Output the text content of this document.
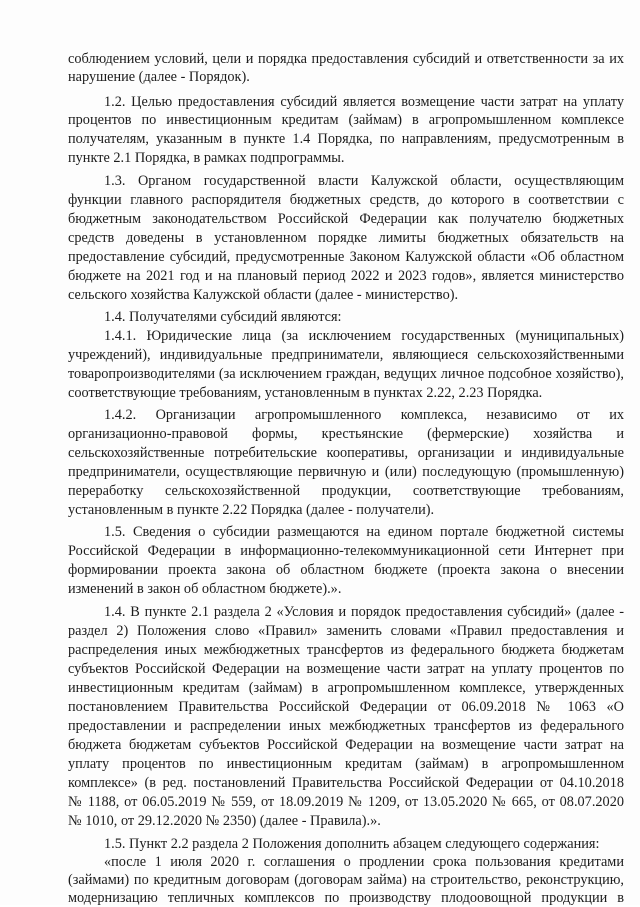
соблюдением условий, цели и порядка предоставления субсидий и ответственности за их
нарушение (далее - Порядок).
1.2. Целью предоставления субсидий является возмещение части затрат на уплату
процентов по инвестиционным кредитам (займам) в агропромышленном комплексе
получателям, указанным в пункте 1.4 Порядка, по направлениям, предусмотренным в
пункте 2.1 Порядка, в рамках подпрограммы.
1.3. Органом государственной власти Калужской области, осуществляющим
функции главного распорядителя бюджетных средств, до которого в соответствии с
бюджетным законодательством Российской Федерации как получателю бюджетных
средств доведены в установленном порядке лимиты бюджетных обязательств на
предоставление субсидий, предусмотренные Законом Калужской области «Об областном
бюджете на 2021 год и на плановый период 2022 и 2023 годов», является министерство
сельского хозяйства Калужской области (далее - министерство).
1.4. Получателями субсидий являются:
1.4.1. Юридические лица (за исключением государственных (муниципальных)
учреждений), индивидуальные предприниматели, являющиеся сельскохозяйственными
товаропроизводителями (за исключением граждан, ведущих личное подсобное хозяйство),
соответствующие требованиям, установленным в пунктах 2.22, 2.23 Порядка.
1.4.2. Организации агропромышленного комплекса, независимо от их
организационно-правовой формы, крестьянские (фермерские) хозяйства и
сельскохозяйственные потребительские кооперативы, организации и индивидуальные
предприниматели, осуществляющие первичную и (или) последующую (промышленную)
переработку сельскохозяйственной продукции, соответствующие требованиям,
установленным в пункте 2.22 Порядка (далее - получатели).
1.5. Сведения о субсидии размещаются на едином портале бюджетной системы
Российской Федерации в информационно-телекоммуникационной сети Интернет при
формировании проекта закона об областном бюджете (проекта закона о внесении
изменений в закон об областном бюджете).».
1.4. В пункте 2.1 раздела 2 «Условия и порядок предоставления субсидий» (далее -
раздел 2) Положения слово «Правил» заменить словами «Правил предоставления и
распределения иных межбюджетных трансфертов из федерального бюджета бюджетам
субъектов Российской Федерации на возмещение части затрат на уплату процентов по
инвестиционным кредитам (займам) в агропромышленном комплексе, утвержденных
постановлением Правительства Российской Федерации от 06.09.2018 № 1063 «О
предоставлении и распределении иных межбюджетных трансфертов из федерального
бюджета бюджетам субъектов Российской Федерации на возмещение части затрат на
уплату процентов по инвестиционным кредитам (займам) в агропромышленном
комплексе» (в ред. постановлений Правительства Российской Федерации от 04.10.2018
№ 1188, от 06.05.2019 № 559, от 18.09.2019 № 1209, от 13.05.2020 № 665, от 08.07.2020
№ 1010, от 29.12.2020 № 2350) (далее - Правила).».
1.5. Пункт 2.2 раздела 2 Положения дополнить абзацем следующего содержания:
«после 1 июля 2020 г. соглашения о продлении срока пользования кредитами
(займами) по кредитным договорам (договорам займа) на строительство, реконструкцию,
модернизацию тепличных комплексов по производству плодоовощной продукции в
